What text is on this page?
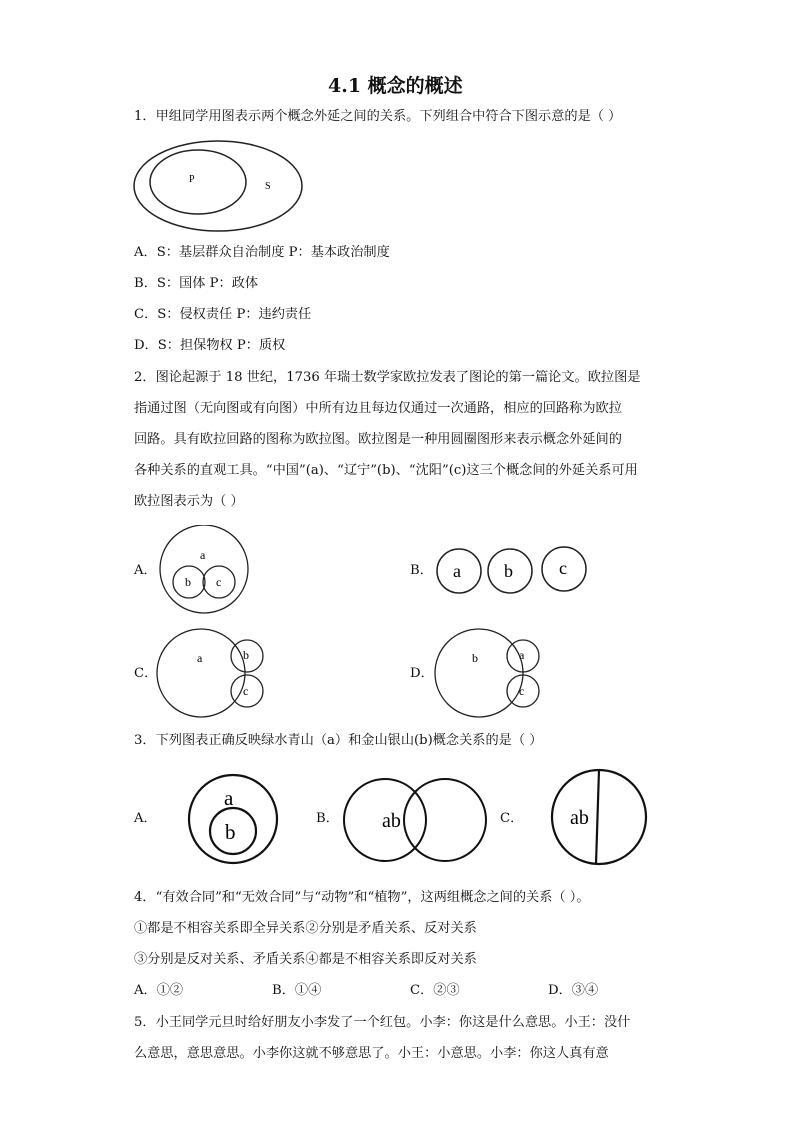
4.1 概念的概述
1．甲组同学用图表示两个概念外延之间的关系。下列组合中符合下图示意的是（ ）
P
S
A．S：基层群众自治制度 P：基本政治制度
B．S：国体 P：政体
C．S：侵权责任 P：违约责任
D．S：担保物权 P：质权
2．图论起源于 18 世纪，1736 年瑞士数学家欧拉发表了图论的第一篇论文。欧拉图是
指通过图（无向图或有向图）中所有边且每边仅通过一次通路，相应的回路称为欧拉
回路。具有欧拉回路的图称为欧拉图。欧拉图是一种用圆圈图形来表示概念外延间的
各种关系的直观工具。“中国”(a)、“辽宁”(b)、“沈阳”(c)这三个概念间的外延关系可用
欧拉图表示为（ ）
A．
a
b c
B． a b	c
C．
a	b
c
D．
b	a
c
3．下列图表正确反映绿水青山（a）和金山银山(b)概念关系的是（ ）
A．
a
b
B． ab	C． ab
4．“有效合同”和“无效合同”与“动物”和“植物”，这两组概念之间的关系（ ）。
①都是不相容关系即全异关系②分别是矛盾关系、反对关系
③分别是反对关系、矛盾关系④都是不相容关系即反对关系
A．①②	B．①④	C．②③	D．③④
5．小王同学元旦时给好朋友小李发了一个红包。小李：你这是什么意思。小王：没什
么意思，意思意思。小李你这就不够意思了。小王：小意思。小李：你这人真有意
